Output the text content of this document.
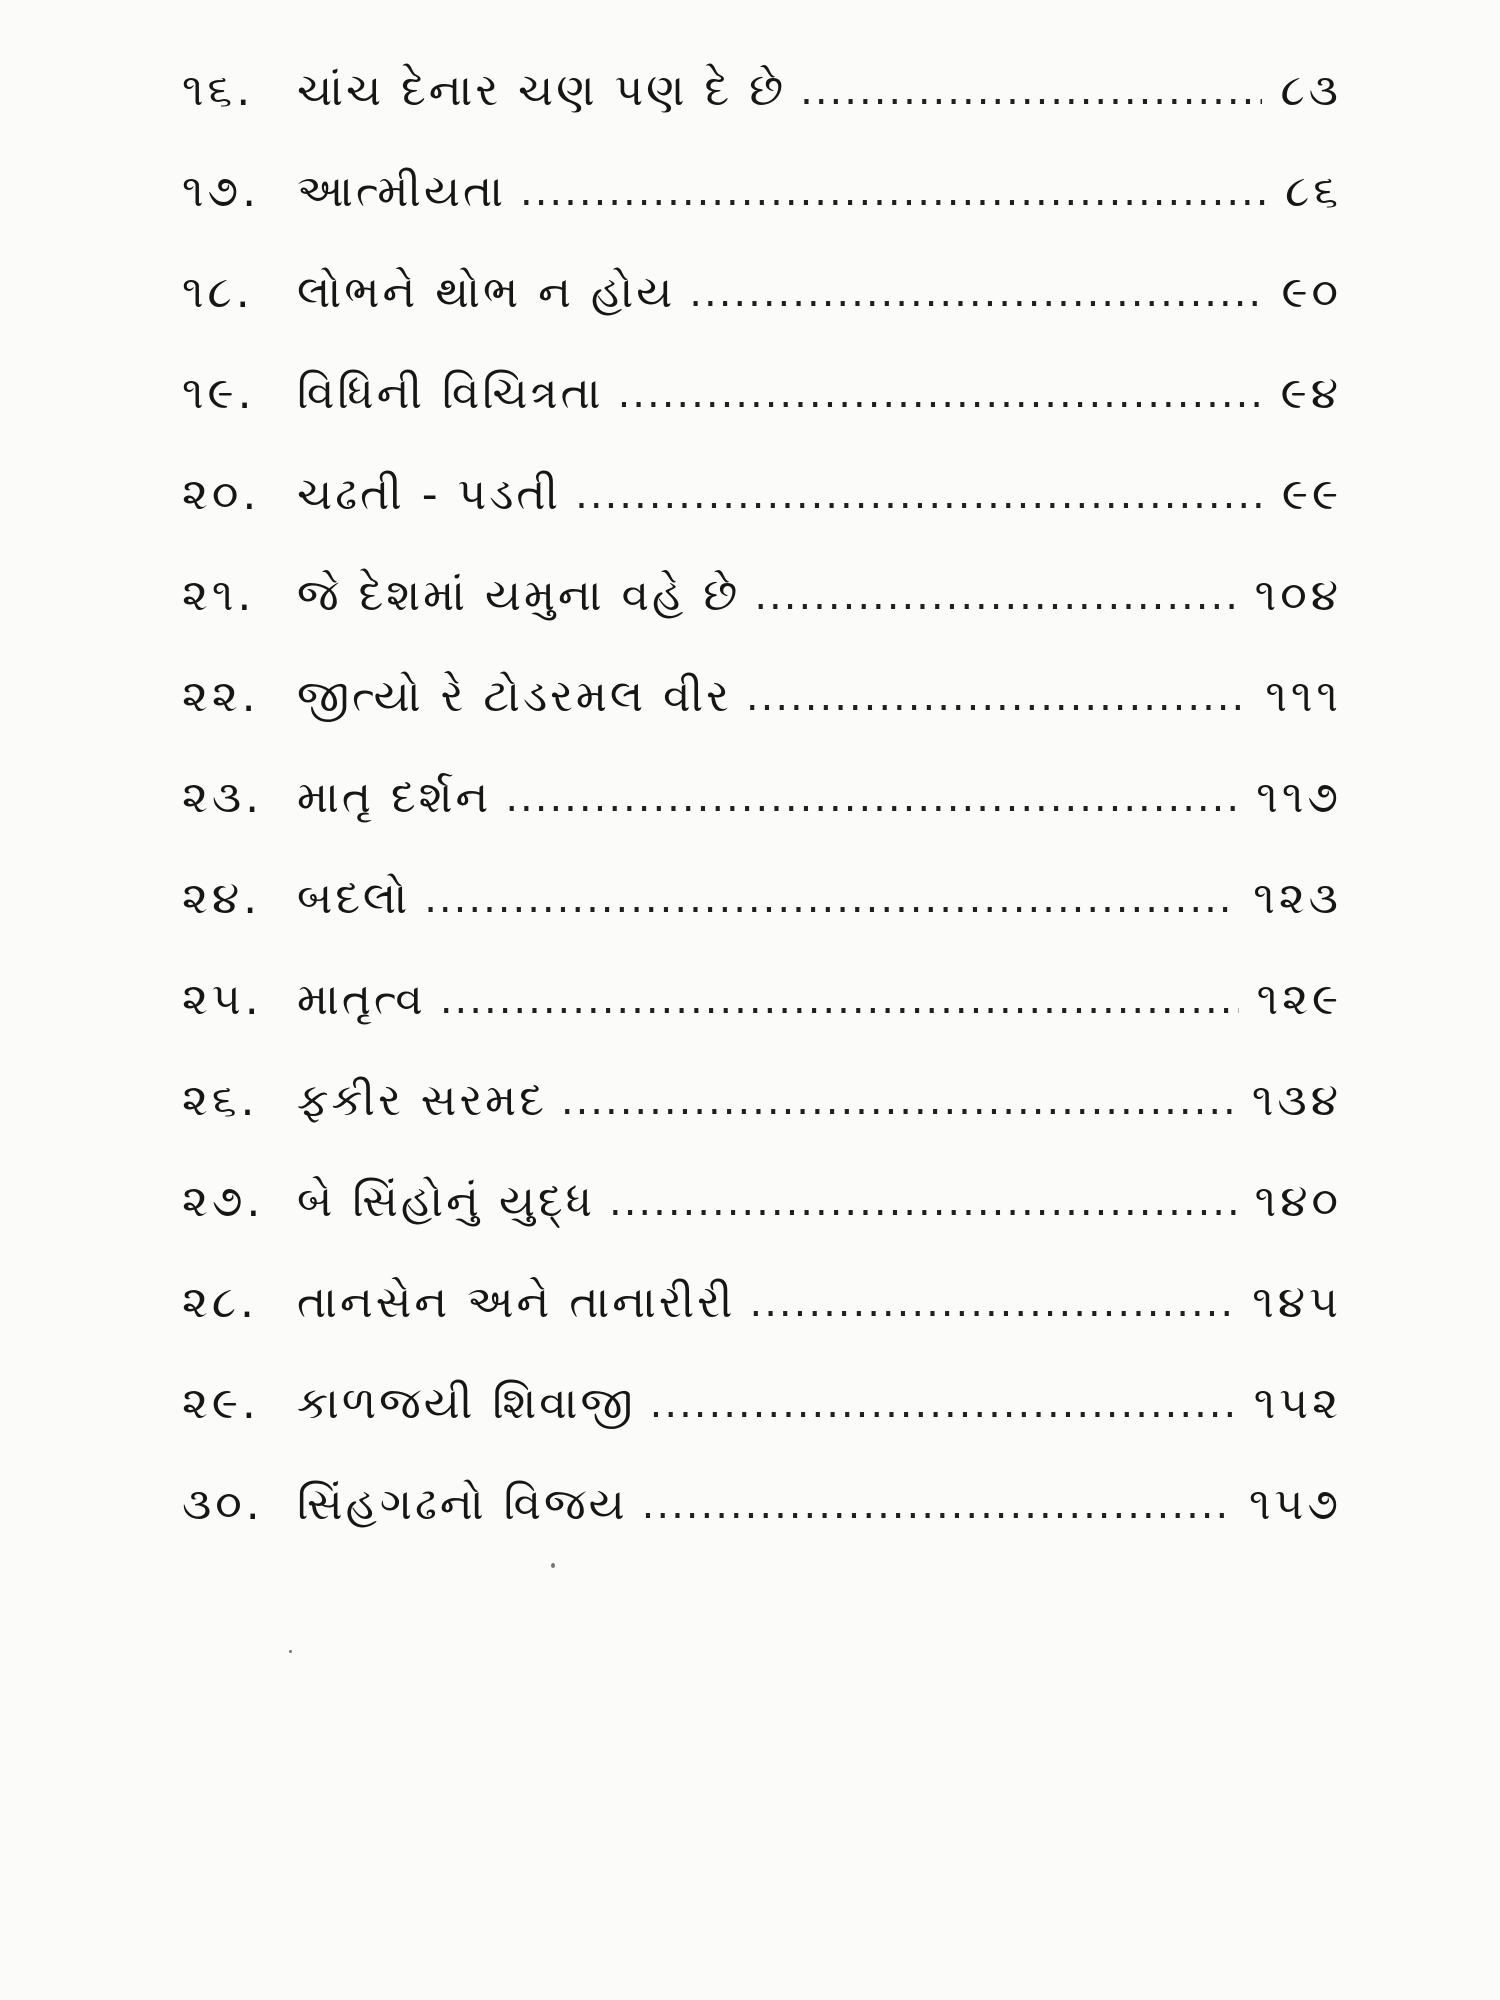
૧૬. ચાંચ દેનાર ચણ પણ દે છે .....	૮૩
૧૭. આત્મીયતા .....	૮૬
૧૮. લોભને થોભ ન હોય .....	૯૦
૧૯. વિધિની વિચિત્રતા .....	૯૪
૨૦. ચઢતી - પડતી .....	૯૯
૨૧. જે દેશમાં યમુના વહે છે .....	૧૦૪
૨૨. જીત્યો રે ટોડરમલ વીર .....	૧૧૧
૨૩. માતૃ દર્શન .....	૧૧૭
૨૪. બદલો .....	૧૨૩
૨૫. માતૃત્વ .....	૧૨૯
૨૬. ફકીર સરમદ .....	૧૩૪
૨૭. બે સિંહોનું યુદ્ધ .....	૧૪૦
૨૮. તાનસેન અને તાનારીરી .....	૧૪૫
૨૯. કાળજયી શિવાજી .....	૧૫૨
૩૦. સિંહગઢનો વિજય .....	૧૫૭
